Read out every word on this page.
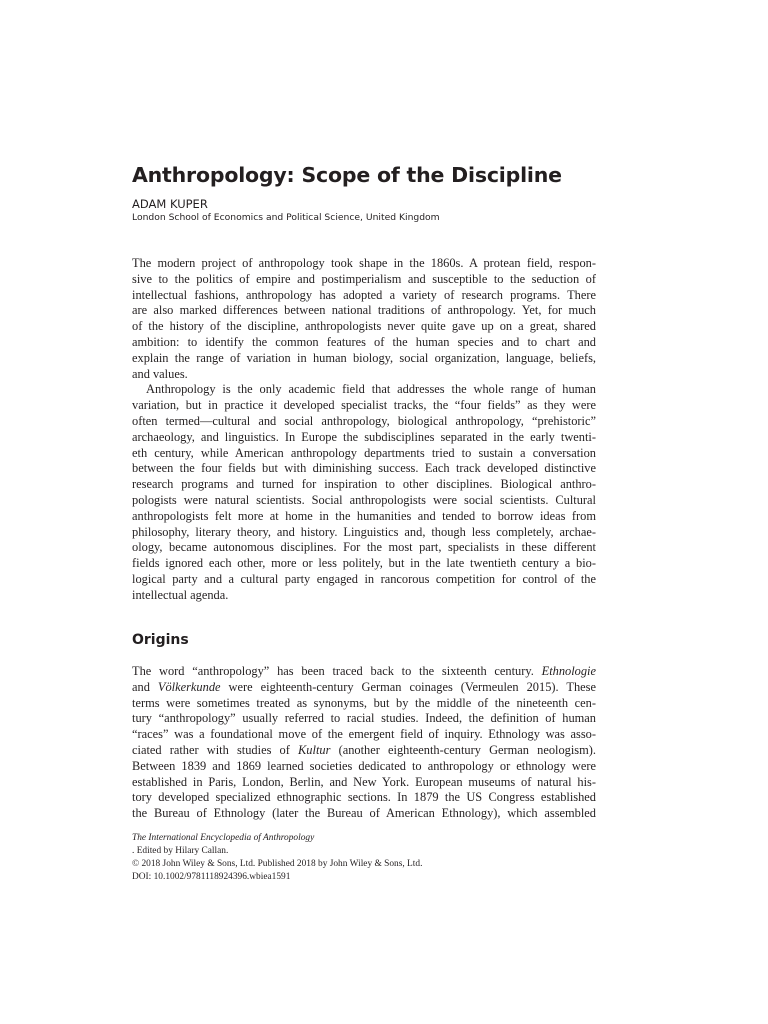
Anthropology: Scope of the Discipline
ADAM KUPER
London School of Economics and Political Science, United Kingdom
The modern project of anthropology took shape in the 1860s. A protean field, respon-
sive to the politics of empire and postimperialism and susceptible to the seduction of
intellectual fashions, anthropology has adopted a variety of research programs. There
are also marked differences between national traditions of anthropology. Yet, for much
of the history of the discipline, anthropologists never quite gave up on a great, shared
ambition: to identify the common features of the human species and to chart and
explain the range of variation in human biology, social organization, language, beliefs,
and values.
Anthropology is the only academic field that addresses the whole range of human
variation, but in practice it developed specialist tracks, the “four fields” as they were
often termed—cultural and social anthropology, biological anthropology, “prehistoric”
archaeology, and linguistics. In Europe the subdisciplines separated in the early twenti-
eth century, while American anthropology departments tried to sustain a conversation
between the four fields but with diminishing success. Each track developed distinctive
research programs and turned for inspiration to other disciplines. Biological anthro-
pologists were natural scientists. Social anthropologists were social scientists. Cultural
anthropologists felt more at home in the humanities and tended to borrow ideas from
philosophy, literary theory, and history. Linguistics and, though less completely, archae-
ology, became autonomous disciplines. For the most part, specialists in these different
fields ignored each other, more or less politely, but in the late twentieth century a bio-
logical party and a cultural party engaged in rancorous competition for control of the
intellectual agenda.
Origins
The word “anthropology” has been traced back to the sixteenth century. Ethnologie
and Völkerkunde were eighteenth-century German coinages (Vermeulen 2015). These
terms were sometimes treated as synonyms, but by the middle of the nineteenth cen-
tury “anthropology” usually referred to racial studies. Indeed, the definition of human
“races” was a foundational move of the emergent field of inquiry. Ethnology was asso-
ciated rather with studies of Kultur (another eighteenth-century German neologism).
Between 1839 and 1869 learned societies dedicated to anthropology or ethnology were
established in Paris, London, Berlin, and New York. European museums of natural his-
tory developed specialized ethnographic sections. In 1879 the US Congress established
the Bureau of Ethnology (later the Bureau of American Ethnology), which assembled
The International Encyclopedia of Anthropology
. Edited by Hilary Callan.
© 2018 John Wiley & Sons, Ltd. Published 2018 by John Wiley & Sons, Ltd.
DOI: 10.1002/9781118924396.wbiea1591
